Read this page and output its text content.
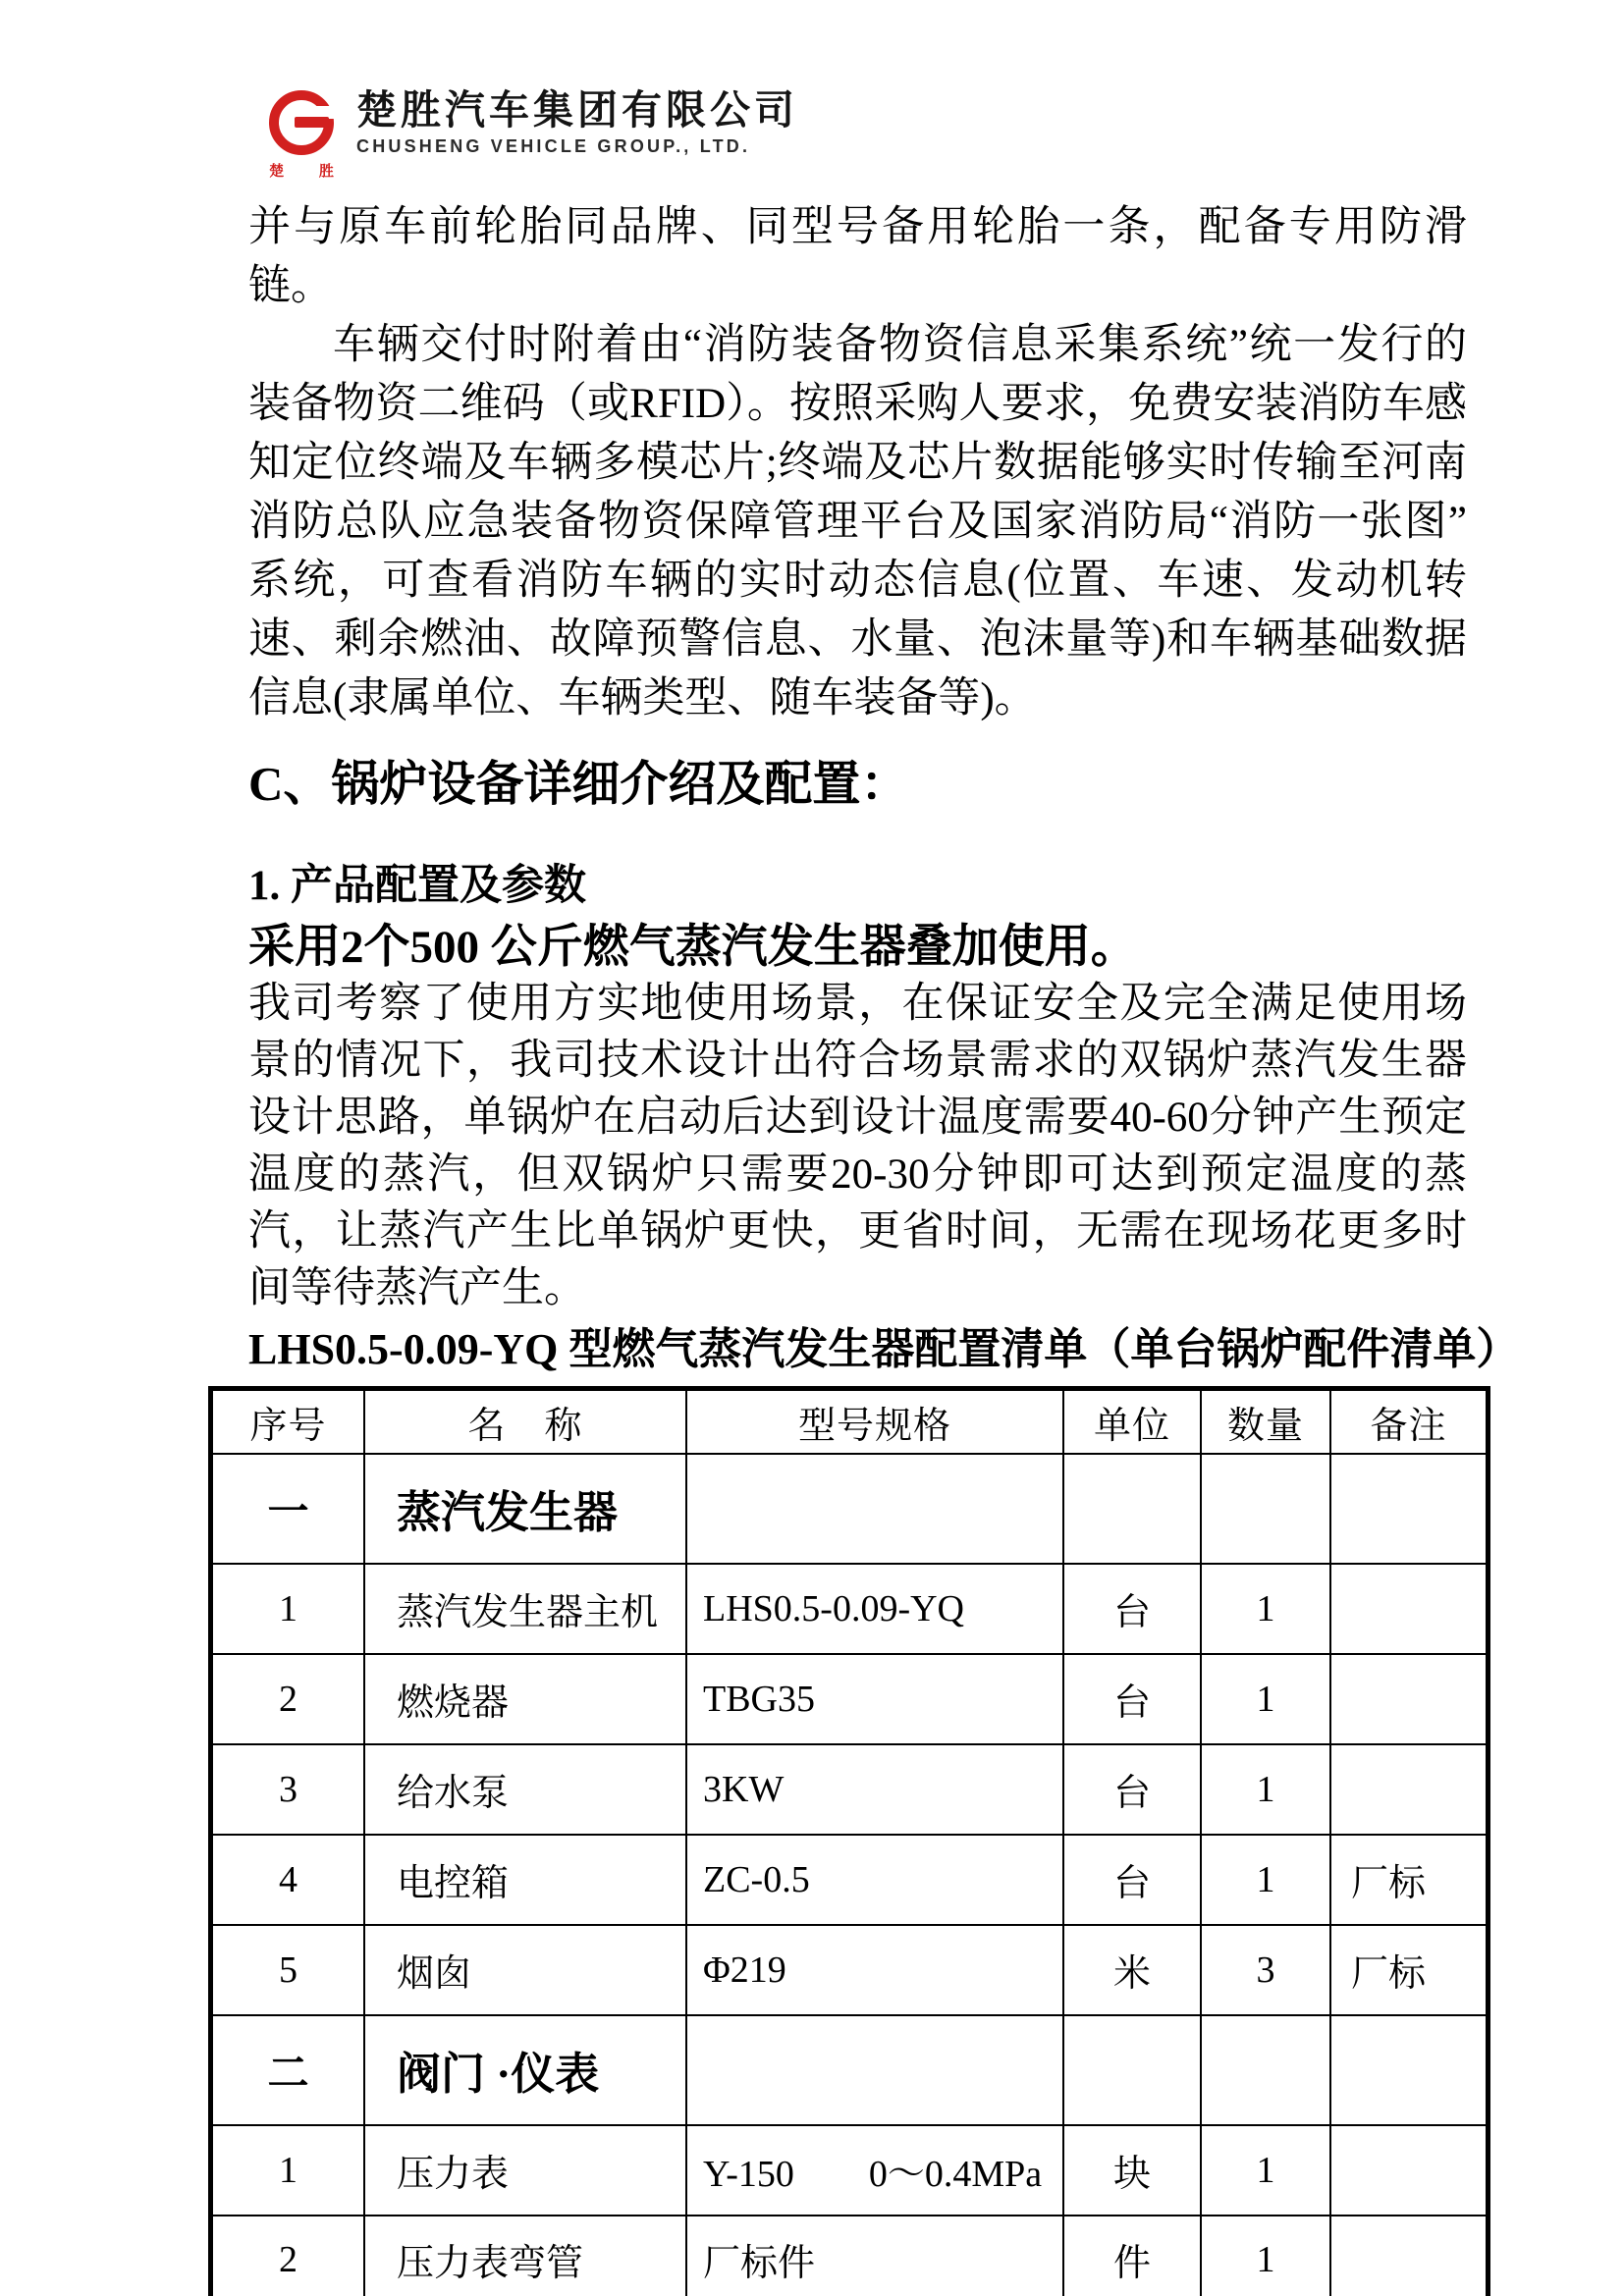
楚 胜
楚胜汽车集团有限公司
CHUSHENG VEHICLE GROUP., LTD.

并与原车前轮胎同品牌、同型号备用轮胎一条，配备专用防滑链。

车辆交付时附着由“消防装备物资信息采集系统”统一发行的装备物资二维码（或RFID）。按照采购人要求，免费安装消防车感知定位终端及车辆多模芯片;终端及芯片数据能够实时传输至河南消防总队应急装备物资保障管理平台及国家消防局“消防一张图”系统，可查看消防车辆的实时动态信息(位置、车速、发动机转速、剩余燃油、故障预警信息、水量、泡沫量等)和车辆基础数据信息(隶属单位、车辆类型、随车装备等)。

C、锅炉设备详细介绍及配置：
1. 产品配置及参数

采用2个500 公斤燃气蒸汽发生器叠加使用。

我司考察了使用方实地使用场景，在保证安全及完全满足使用场景的情况下，我司技术设计出符合场景需求的双锅炉蒸汽发生器设计思路，单锅炉在启动后达到设计温度需要40-60分钟产生预定温度的蒸汽，但双锅炉只需要20-30分钟即可达到预定温度的蒸汽，让蒸汽产生比单锅炉更快，更省时间，无需在现场花更多时间等待蒸汽产生。

LHS0.5-0.09-YQ 型燃气蒸汽发生器配置清单（单台锅炉配件清单）

序号	名　称	型号规格	单位	数量	备注
一	蒸汽发生器				
1	蒸汽发生器主机	LHS0.5-0.09-YQ	台	1	
2	燃烧器	TBG35	台	1	
3	给水泵	3KW	台	1	
4	电控箱	ZC-0.5	台	1	厂标
5	烟囱	Φ219	米	3	厂标
二	阀门 ·仪表				
1	压力表	Y-150　　0～0.4MPa	块	1	
2	压力表弯管	厂标件	件	1	
